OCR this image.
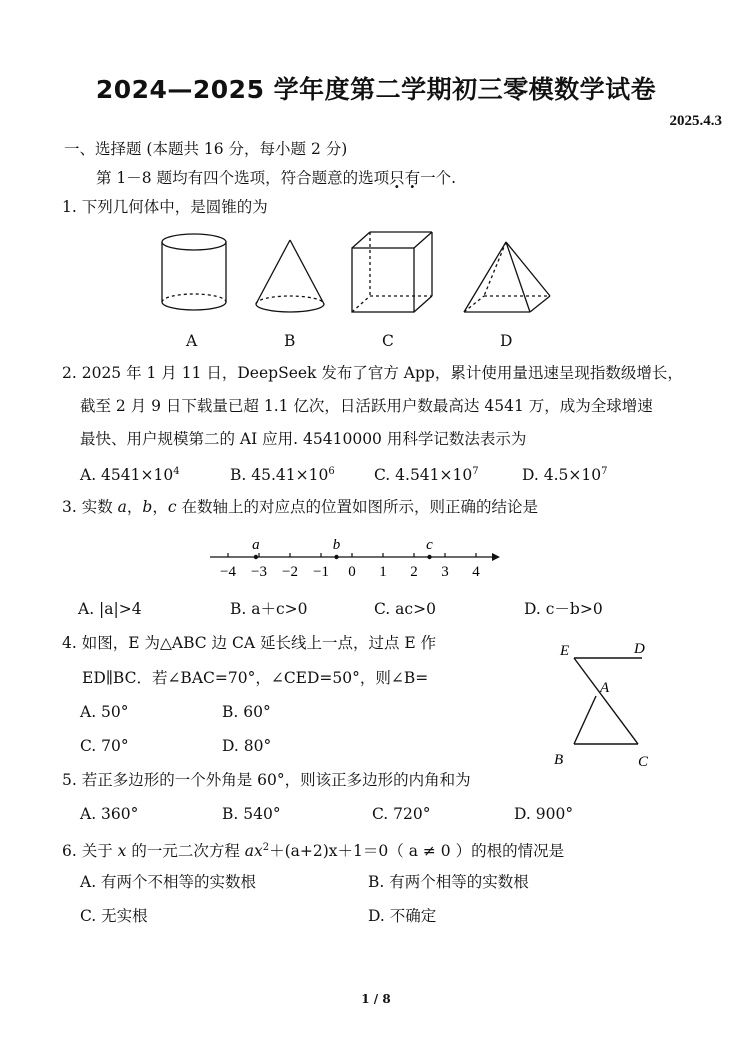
2024—2025 学年度第二学期初三零模数学试卷
2025.4.3
一、选择题 (本题共 16 分，每小题 2 分)
第 1－8 题均有四个选项，符合题意的选项只有一个.
1. 下列几何体中，是圆锥的为
A	B	C	D
2. 2025 年 1 月 11 日，DeepSeek 发布了官方 App，累计使用量迅速呈现指数级增长，
截至 2 月 9 日下载量已超 1.1 亿次，日活跃用户数最高达 4541 万，成为全球增速
最快、用户规模第二的 AI 应用. 45410000 用科学记数法表示为
A. $4541\times 10^4$	B. $45.41\times 10^6$	C. $4.541\times 10^7$	D. $4.5\times 10^7$
3. 实数 a，b，c 在数轴上的对应点的位置如图所示，则正确的结论是
−4 −3 −2 −1 0 1 2 3 4
a	b	c
A. |a|>4	B. a＋c>0	C. ac>0	D. c－b>0
4. 如图，E 为△ABC 边 CA 延长线上一点，过点 E 作
ED∥BC．若∠BAC=70°，∠CED=50°，则∠B=
A. 50°	B. 60°
C. 70°	D. 80°
E	D
A
B	C
5. 若正多边形的一个外角是 60°，则该正多边形的内角和为
A. 360°	B. 540°	C. 720°	D. 900°
6. 关于 x 的一元二次方程 $ax^2+(a+2)x+1=0$（ a ≠ 0 ）的根的情况是
A. 有两个不相等的实数根	B. 有两个相等的实数根
C. 无实根	D. 不确定
1 / 8
